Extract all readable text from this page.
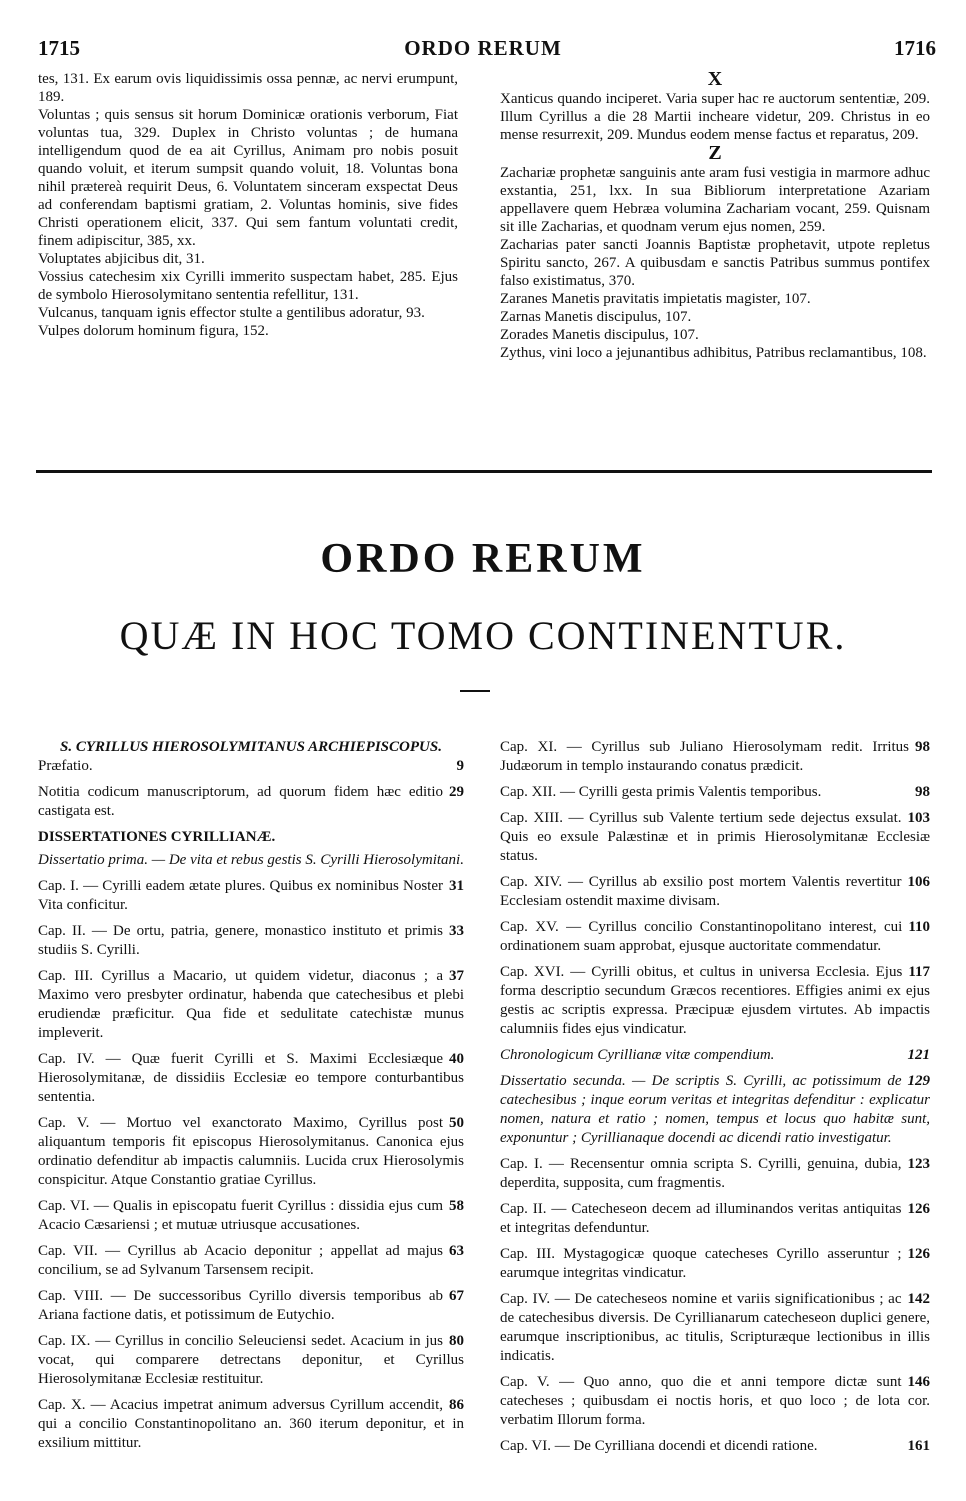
1715	ORDO RERUM	1716

tes, 131. Ex earum ovis liquidissimis ossa pennæ, ac nervi erumpunt, 189.

Voluntas ; quis sensus sit horum Dominicæ orationis verborum, Fiat voluntas tua, 329. Duplex in Christo voluntas ; de humana intelligendum quod de ea ait Cyrillus, Animam pro nobis posuit quando voluit, et iterum sumpsit quando voluit, 18. Voluntas bona nihil prætereà requirit Deus, 6. Voluntatem sinceram exspectat Deus ad conferendam baptismi gratiam, 2. Voluntas hominis, sive fides Christi operationem elicit, 337. Qui sem fantum voluntati credit, finem adipiscitur, 385, xx.

Voluptates abjicibus dit, 31.

Vossius catechesim xix Cyrilli immerito suspectam habet, 285. Ejus de symbolo Hierosolymitano sententia refellitur, 131.

Vulcanus, tanquam ignis effector stulte a gentilibus adoratur, 93.

Vulpes dolorum hominum figura, 152.

X

Xanticus quando inciperet. Varia super hac re auctorum sententiæ, 209. Illum Cyrillus a die 28 Martii incheare videtur, 209. Christus in eo mense resurrexit, 209. Mundus eodem mense factus et reparatus, 209.

Z

Zachariæ prophetæ sanguinis ante aram fusi vestigia in marmore adhuc exstantia, 251, lxx. In sua Bibliorum interpretatione Azariam appellavere quem Hebræa volumina Zachariam vocant, 259. Quisnam sit ille Zacharias, et quodnam verum ejus nomen, 259.

Zacharias pater sancti Joannis Baptistæ prophetavit, utpote repletus Spiritu sancto, 267. A quibusdam e sanctis Patribus summus pontifex falso existimatus, 370.

Zaranes Manetis pravitatis impietatis magister, 107.

Zarnas Manetis discipulus, 107.

Zorades Manetis discipulus, 107.

Zythus, vini loco a jejunantibus adhibitus, Patribus reclamantibus, 108.

ORDO RERUM
QUÆ IN HOC TOMO CONTINENTUR.
S. CYRILLUS HIEROSOLYMITANUS ARCHIEPISCOPUS.
9
Præfatio.
29
Notitia codicum manuscriptorum, ad quorum fidem hæc editio castigata est.
DISSERTATIONES CYRILLIANÆ.
Dissertatio prima. — De vita et rebus gestis S. Cyrilli Hierosolymitani.
31
Cap. I. — Cyrilli eadem ætate plures. Quibus ex nominibus Noster Vita conficitur.
33
Cap. II. — De ortu, patria, genere, monastico instituto et primis studiis S. Cyrilli.
37
Cap. III. Cyrillus a Macario, ut quidem videtur, diaconus ; a Maximo vero presbyter ordinatur, habenda que catechesibus et plebi erudiendæ præficitur. Qua fide et sedulitate catechistæ munus impleverit.
40
Cap. IV. — Quæ fuerit Cyrilli et S. Maximi Ecclesiæque Hierosolymitanæ, de dissidiis Ecclesiæ eo tempore conturbantibus sententia.
50
Cap. V. — Mortuo vel exanctorato Maximo, Cyrillus post aliquantum temporis fit episcopus Hierosolymitanus. Canonica ejus ordinatio defenditur ab impactis calumniis. Lucida crux Hierosolymis conspicitur. Atque Constantio gratiae Cyrillus.
58
Cap. VI. — Qualis in episcopatu fuerit Cyrillus : dissidia ejus cum Acacio Cæsariensi ; et mutuæ utriusque accusationes.
63
Cap. VII. — Cyrillus ab Acacio deponitur ; appellat ad majus concilium, se ad Sylvanum Tarsensem recipit.
67
Cap. VIII. — De successoribus Cyrillo diversis temporibus ab Ariana factione datis, et potissimum de Eutychio.
80
Cap. IX. — Cyrillus in concilio Seleuciensi sedet. Acacium in jus vocat, qui comparere detrectans deponitur, et Cyrillus Hierosolymitanæ Ecclesiæ restituitur.
86
Cap. X. — Acacius impetrat animum adversus Cyrillum accendit, qui a concilio Constantinopolitano an. 360 iterum deponitur, et in exsilium mittitur.
98
Cap. XI. — Cyrillus sub Juliano Hierosolymam redit. Irritus Judæorum in templo instaurando conatus prædicit.
98
Cap. XII. — Cyrilli gesta primis Valentis temporibus.
103
Cap. XIII. — Cyrillus sub Valente tertium sede dejectus exsulat. Quis eo exsule Palæstinæ et in primis Hierosolymitanæ Ecclesiæ status.
106
Cap. XIV. — Cyrillus ab exsilio post mortem Valentis revertitur Ecclesiam ostendit maxime divisam.
110
Cap. XV. — Cyrillus concilio Constantinopolitano interest, cui ordinationem suam approbat, ejusque auctoritate commendatur.
117
Cap. XVI. — Cyrilli obitus, et cultus in universa Ecclesia. Ejus forma descriptio secundum Græcos recentiores. Effigies animi ex ejus gestis ac scriptis expressa. Præcipuæ ejusdem virtutes. Ab impactis calumniis fides ejus vindicatur.
121
Chronologicum Cyrillianæ vitæ compendium.
129
Dissertatio secunda. — De scriptis S. Cyrilli, ac potissimum de catechesibus ; inque eorum veritas et integritas defenditur : explicatur nomen, natura et ratio ; nomen, tempus et locus quo habitæ sunt, exponuntur ; Cyrillianaque docendi ac dicendi ratio investigatur.
123
Cap. I. — Recensentur omnia scripta S. Cyrilli, genuina, dubia, deperdita, supposita, cum fragmentis.
126
Cap. II. — Catecheseon decem ad illuminandos veritas antiquitas et integritas defenduntur.
126
Cap. III. Mystagogicæ quoque catecheses Cyrillo asseruntur ; earumque integritas vindicatur.
142
Cap. IV. — De catecheseos nomine et variis significationibus ; ac de catechesibus diversis. De Cyrillianarum catecheseon duplici genere, earumque inscriptionibus, ac titulis, Scripturæque lectionibus in illis indicatis.
146
Cap. V. — Quo anno, quo die et anni tempore dictæ sunt catecheses ; quibusdam ei noctis horis, et quo loco ; de lota cor. verbatim Illorum forma.
161
Cap. VI. — De Cyrilliana docendi et dicendi ratione.
